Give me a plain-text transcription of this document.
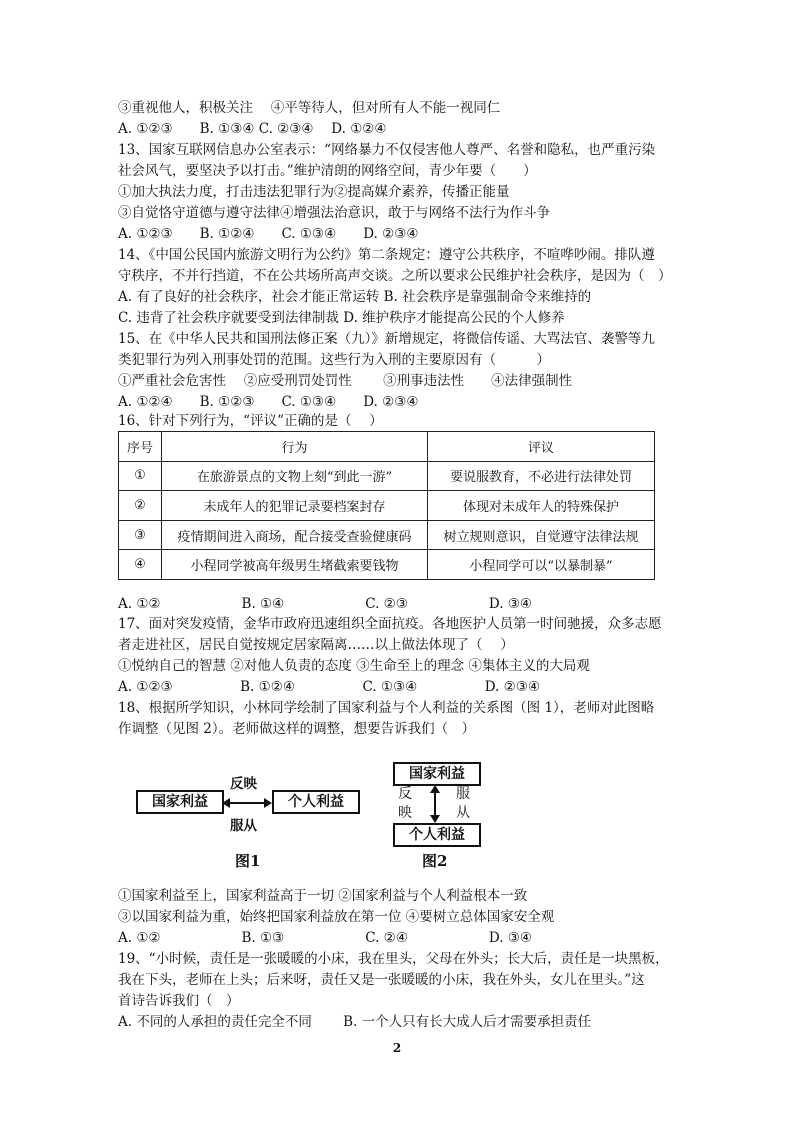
③重视他人，积极关注　 ④平等待人，但对所有人不能一视同仁
A. ①②③　　B. ①③④ C. ②③④　 D. ①②④
13、国家互联网信息办公室表示：“网络暴力不仅侵害他人尊严、名誉和隐私，也严重污染
社会风气，要坚决予以打击。”维护清朗的网络空间，青少年要（　　）
①加大执法力度，打击违法犯罪行为②提高媒介素养，传播正能量
③自觉恪守道德与遵守法律④增强法治意识，敢于与网络不法行为作斗争
A. ①②③　　B. ①②④　　C. ①③④　　D. ②③④
14、《中国公民国内旅游文明行为公约》第二条规定：遵守公共秩序，不喧哗吵闹。排队遵
守秩序，不并行挡道，不在公共场所高声交谈。之所以要求公民维护社会秩序，是因为（　）
A. 有了良好的社会秩序，社会才能正常运转 B. 社会秩序是靠强制命令来维持的
C. 违背了社会秩序就要受到法律制裁 D. 维护秩序才能提高公民的个人修养
15、在《中华人民共和国刑法修正案（九）》新增规定，将微信传谣、大骂法官、袭警等九
类犯罪行为列入刑事处罚的范围。这些行为入刑的主要原因有（　　　）
①严重社会危害性　 ②应受刑罚处罚性　 　③刑事违法性　　④法律强制性
A. ①②④　　B. ①②③　　C. ①③④　　D. ②③④
16、针对下列行为，“评议”正确的是（　 ）
序号	行为	评议
①	在旅游景点的文物上刻“到此一游”	要说服教育，不必进行法律处罚
②	未成年人的犯罪记录要档案封存	体现对未成年人的特殊保护
③	疫情期间进入商场，配合接受查验健康码	树立规则意识，自觉遵守法律法规
④	小程同学被高年级男生堵截索要钱物	小程同学可以“以暴制暴”
A. ①②　　　　　　B. ①④　　　　　　C. ②③　　　　　　D. ③④
17、面对突发疫情，金华市政府迅速组织全面抗疫。各地医护人员第一时间驰援，众多志愿
者走进社区，居民自觉按规定居家隔离……以上做法体现了（　 ）
①悦纳自己的智慧 ②对他人负责的态度 ③生命至上的理念 ④集体主义的大局观
A. ①②③　　　　　B. ①②④　　　　　C. ①③④　　　　　D. ②③④
18、根据所学知识，小林同学绘制了国家利益与个人利益的关系图（图 1），老师对此图略
作调整（见图 2）。老师做这样的调整，想要告诉我们（　）
国家利益	个人利益
反映
服从
图1
国家利益
个人利益
反映
服从
图2
①国家利益至上，国家利益高于一切 ②国家利益与个人利益根本一致
③以国家利益为重，始终把国家利益放在第一位 ④要树立总体国家安全观
A. ①②　　　　　　B. ①③　　　　　　C. ②④　　　　　　D. ③④
19、“小时候，责任是一张暖暖的小床，我在里头，父母在外头；长大后，责任是一块黑板，
我在下头，老师在上头；后来呀，责任又是一张暖暖的小床，我在外头，女儿在里头。”这
首诗告诉我们（　）
A. 不同的人承担的责任完全不同　　 B. 一个人只有长大成人后才需要承担责任
2
